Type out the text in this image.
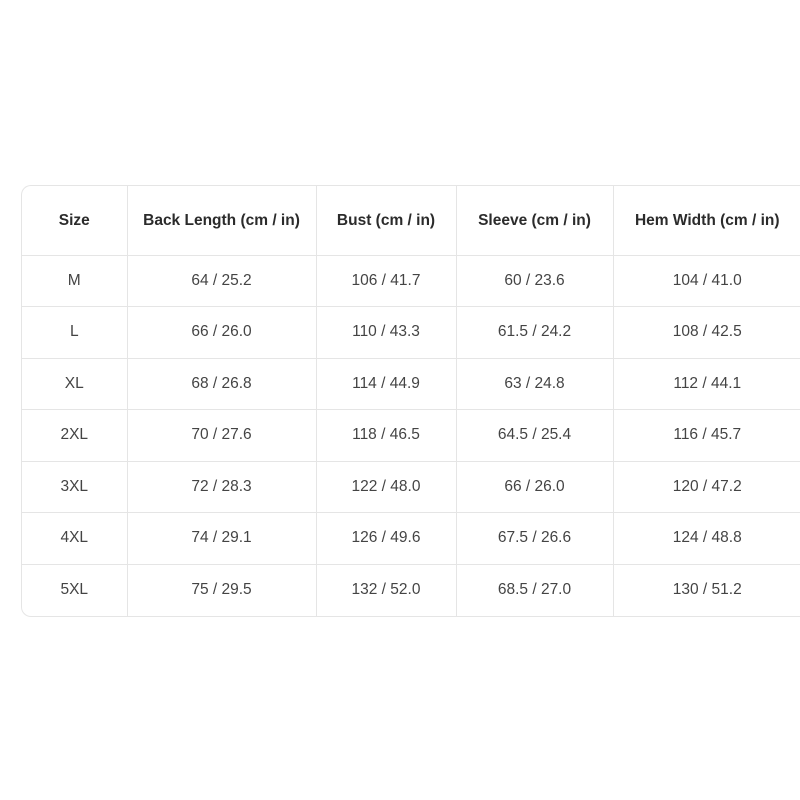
Size	Back Length (cm / in)	Bust (cm / in)	Sleeve (cm / in)	Hem Width (cm / in)
M	64 / 25.2	106 / 41.7	60 / 23.6	104 / 41.0
L	66 / 26.0	110 / 43.3	61.5 / 24.2	108 / 42.5
XL	68 / 26.8	114 / 44.9	63 / 24.8	112 / 44.1
2XL	70 / 27.6	118 / 46.5	64.5 / 25.4	116 / 45.7
3XL	72 / 28.3	122 / 48.0	66 / 26.0	120 / 47.2
4XL	74 / 29.1	126 / 49.6	67.5 / 26.6	124 / 48.8
5XL	75 / 29.5	132 / 52.0	68.5 / 27.0	130 / 51.2
